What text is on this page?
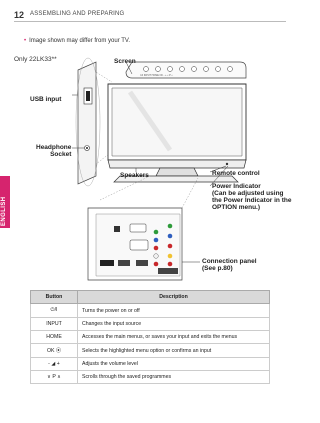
12 ASSEMBLING AND PREPARING
ENGLISH
• Image shown may differ from your TV.
Only 22LK33**
⏻/I INPUT HOME OK - + ∨ P ∧
Screen
USB input
Headphone
Socket
Speakers	Remote control
Power Indicator
(Can be adjusted using
the Power Indicator in the
OPTION menu.)
Connection panel
(See p.80)
Button	Description
⏻/I	Turns the power on or off
INPUT	Changes the input source
HOME	Accesses the main menus, or saves your input and exits the menus
OK ⦿	Selects the highlighted menu option or confirms an input
- ◢ +	Adjusts the volume level
∨ P ∧	Scrolls through the saved programmes
